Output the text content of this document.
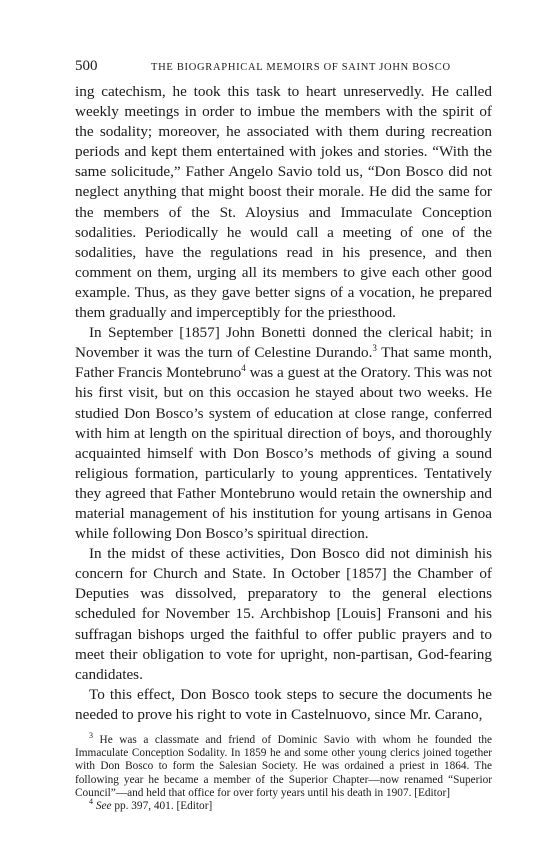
500	THE BIOGRAPHICAL MEMOIRS OF SAINT JOHN BOSCO

ing catechism, he took this task to heart unreservedly. He called weekly meetings in order to imbue the members with the spirit of the sodality; moreover, he associated with them during recreation periods and kept them entertained with jokes and stories. “With the same solicitude,” Father Angelo Savio told us, “Don Bosco did not neglect anything that might boost their morale. He did the same for the members of the St. Aloysius and Immaculate Conception sodalities. Periodically he would call a meeting of one of the sodalities, have the regulations read in his presence, and then comment on them, urging all its members to give each other good example. Thus, as they gave better signs of a vocation, he prepared them gradually and imperceptibly for the priesthood.

In September [1857] John Bonetti donned the clerical habit; in November it was the turn of Celestine Durando.$^3$ That same month, Father Francis Montebruno$^4$ was a guest at the Oratory. This was not his first visit, but on this occasion he stayed about two weeks. He studied Don Bosco’s system of education at close range, conferred with him at length on the spiritual direction of boys, and thoroughly acquainted himself with Don Bosco’s methods of giving a sound religious formation, particularly to young apprentices. Tentatively they agreed that Father Montebruno would retain the ownership and material management of his institution for young artisans in Genoa while following Don Bosco’s spiritual direction.

In the midst of these activities, Don Bosco did not diminish his concern for Church and State. In October [1857] the Chamber of Deputies was dissolved, preparatory to the general elections scheduled for November 15. Archbishop [Louis] Fransoni and his suffragan bishops urged the faithful to offer public prayers and to meet their obligation to vote for upright, non-partisan, God-fearing candidates.

To this effect, Don Bosco took steps to secure the documents he needed to prove his right to vote in Castelnuovo, since Mr. Carano,

$^3$ He was a classmate and friend of Dominic Savio with whom he founded the Immaculate Conception Sodality. In 1859 he and some other young clerics joined together with Don Bosco to form the Salesian Society. He was ordained a priest in 1864. The following year he became a member of the Superior Chapter—now renamed “Superior Council”—and held that office for over forty years until his death in 1907. [Editor]

$^4$ See pp. 397, 401. [Editor]
